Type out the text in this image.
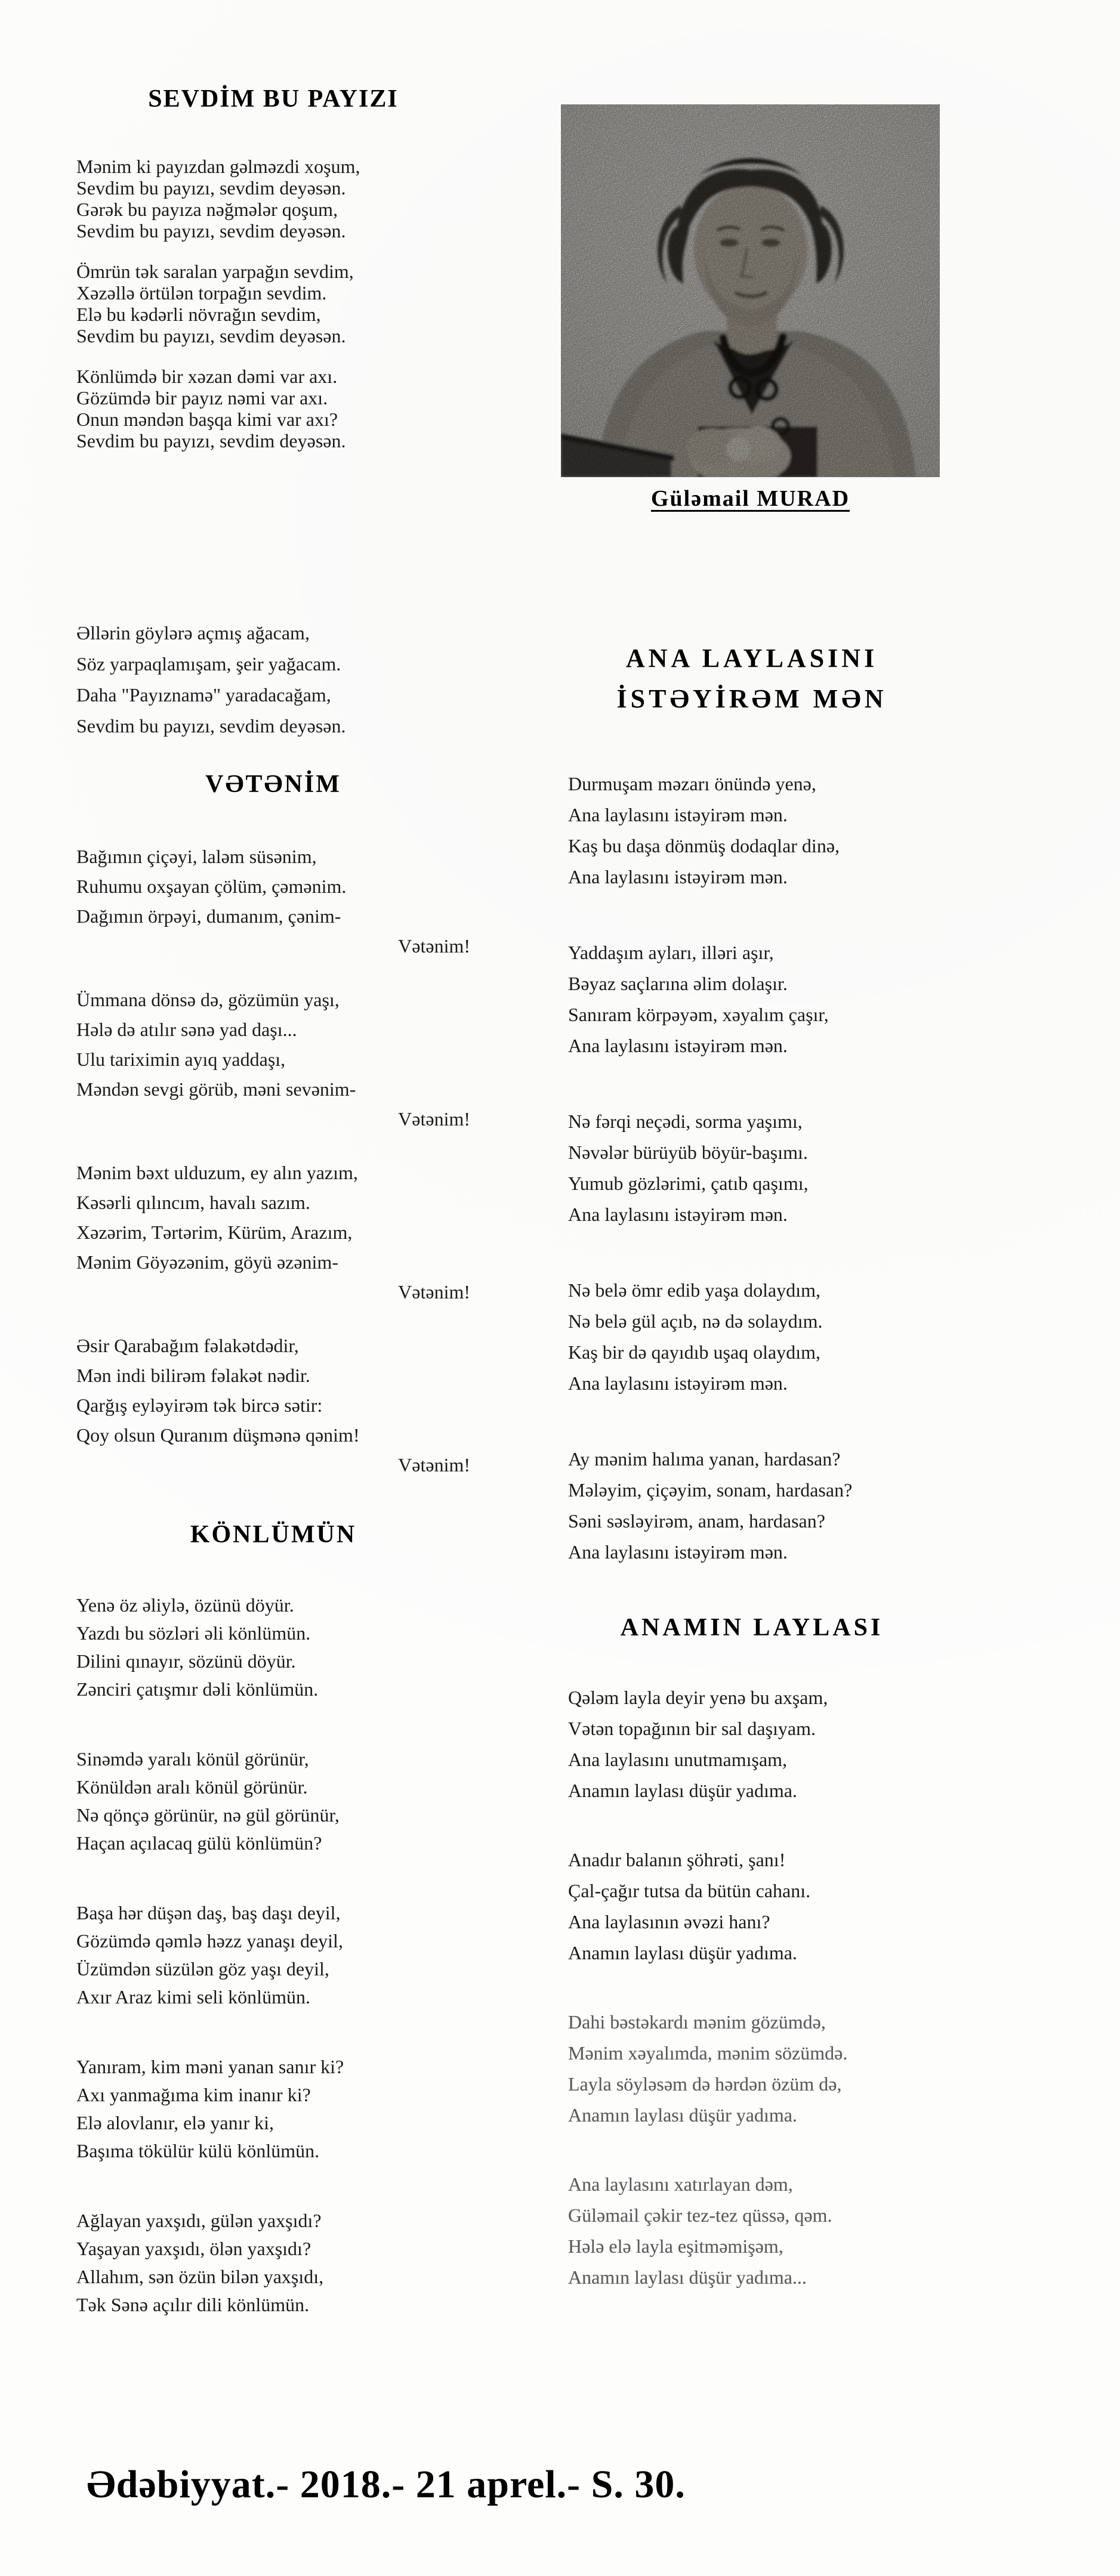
SEVDİM BU PAYIZI
Mənim ki payızdan gəlməzdi xoşum,
Sevdim bu payızı, sevdim deyəsən.
Gərək bu payıza nəğmələr qoşum,
Sevdim bu payızı, sevdim deyəsən.
Ömrün tək saralan yarpağın sevdim,
Xəzəllə örtülən torpağın sevdim.
Elə bu kədərli növrağın sevdim,
Sevdim bu payızı, sevdim deyəsən.
Könlümdə bir xəzan dəmi var axı.
Gözümdə bir payız nəmi var axı.
Onun məndən başqa kimi var axı?
Sevdim bu payızı, sevdim deyəsən.
Əllərin göylərə açmış ağacam,
Söz yarpaqlamışam, şeir yağacam.
Daha "Payıznamə" yaradacağam,
Sevdim bu payızı, sevdim deyəsən.
VƏTƏNİM
Bağımın çiçəyi, laləm süsənim,
Ruhumu oxşayan çölüm, çəmənim.
Dağımın örpəyi, dumanım, çənim-
Vətənim!
Ümmana dönsə də, gözümün yaşı,
Hələ də atılır sənə yad daşı...
Ulu tariximin ayıq yaddaşı,
Məndən sevgi görüb, məni sevənim-
Vətənim!
Mənim bəxt ulduzum, ey alın yazım,
Kəsərli qılıncım, havalı sazım.
Xəzərim, Tərtərim, Kürüm, Arazım,
Mənim Göyəzənim, göyü əzənim-
Vətənim!
Əsir Qarabağım fəlakətdədir,
Mən indi bilirəm fəlakət nədir.
Qarğış eyləyirəm tək bircə sətir:
Qoy olsun Quranım düşmənə qənim!
Vətənim!
KÖNLÜMÜN
Yenə öz əliylə, özünü döyür.
Yazdı bu sözləri əli könlümün.
Dilini qınayır, sözünü döyür.
Zənciri çatışmır dəli könlümün.
Sinəmdə yaralı könül görünür,
Könüldən aralı könül görünür.
Nə qönçə görünür, nə gül görünür,
Haçan açılacaq gülü könlümün?
Başa hər düşən daş, baş daşı deyil,
Gözümdə qəmlə həzz yanaşı deyil,
Üzümdən süzülən göz yaşı deyil,
Axır Araz kimi seli könlümün.
Yanıram, kim məni yanan sanır ki?
Axı yanmağıma kim inanır ki?
Elə alovlanır, elə yanır ki,
Başıma tökülür külü könlümün.
Ağlayan yaxşıdı, gülən yaxşıdı?
Yaşayan yaxşıdı, ölən yaxşıdı?
Allahım, sən özün bilən yaxşıdı,
Tək Sənə açılır dili könlümün.
Güləmail MURAD
ANA LAYLASINI
İSTƏYİRƏM MƏN
Durmuşam məzarı önündə yenə,
Ana laylasını istəyirəm mən.
Kaş bu daşa dönmüş dodaqlar dinə,
Ana laylasını istəyirəm mən.
Yaddaşım ayları, illəri aşır,
Bəyaz saçlarına əlim dolaşır.
Sanıram körpəyəm, xəyalım çaşır,
Ana laylasını istəyirəm mən.
Nə fərqi neçədi, sorma yaşımı,
Nəvələr bürüyüb böyür-başımı.
Yumub gözlərimi, çatıb qaşımı,
Ana laylasını istəyirəm mən.
Nə belə ömr edib yaşa dolaydım,
Nə belə gül açıb, nə də solaydım.
Kaş bir də qayıdıb uşaq olaydım,
Ana laylasını istəyirəm mən.
Ay mənim halıma yanan, hardasan?
Mələyim, çiçəyim, sonam, hardasan?
Səni səsləyirəm, anam, hardasan?
Ana laylasını istəyirəm mən.
ANAMIN LAYLASI
Qələm layla deyir yenə bu axşam,
Vətən topağının bir sal daşıyam.
Ana laylasını unutmamışam,
Anamın laylası düşür yadıma.
Anadır balanın şöhrəti, şanı!
Çal-çağır tutsa da bütün cahanı.
Ana laylasının əvəzi hanı?
Anamın laylası düşür yadıma.
Dahi bəstəkardı mənim gözümdə,
Mənim xəyalımda, mənim sözümdə.
Layla söyləsəm də hərdən özüm də,
Anamın laylası düşür yadıma.
Ana laylasını xatırlayan dəm,
Güləmail çəkir tez-tez qüssə, qəm.
Hələ elə layla eşitməmişəm,
Anamın laylası düşür yadıma...
Ədəbiyyat.- 2018.- 21 aprel.- S. 30.
